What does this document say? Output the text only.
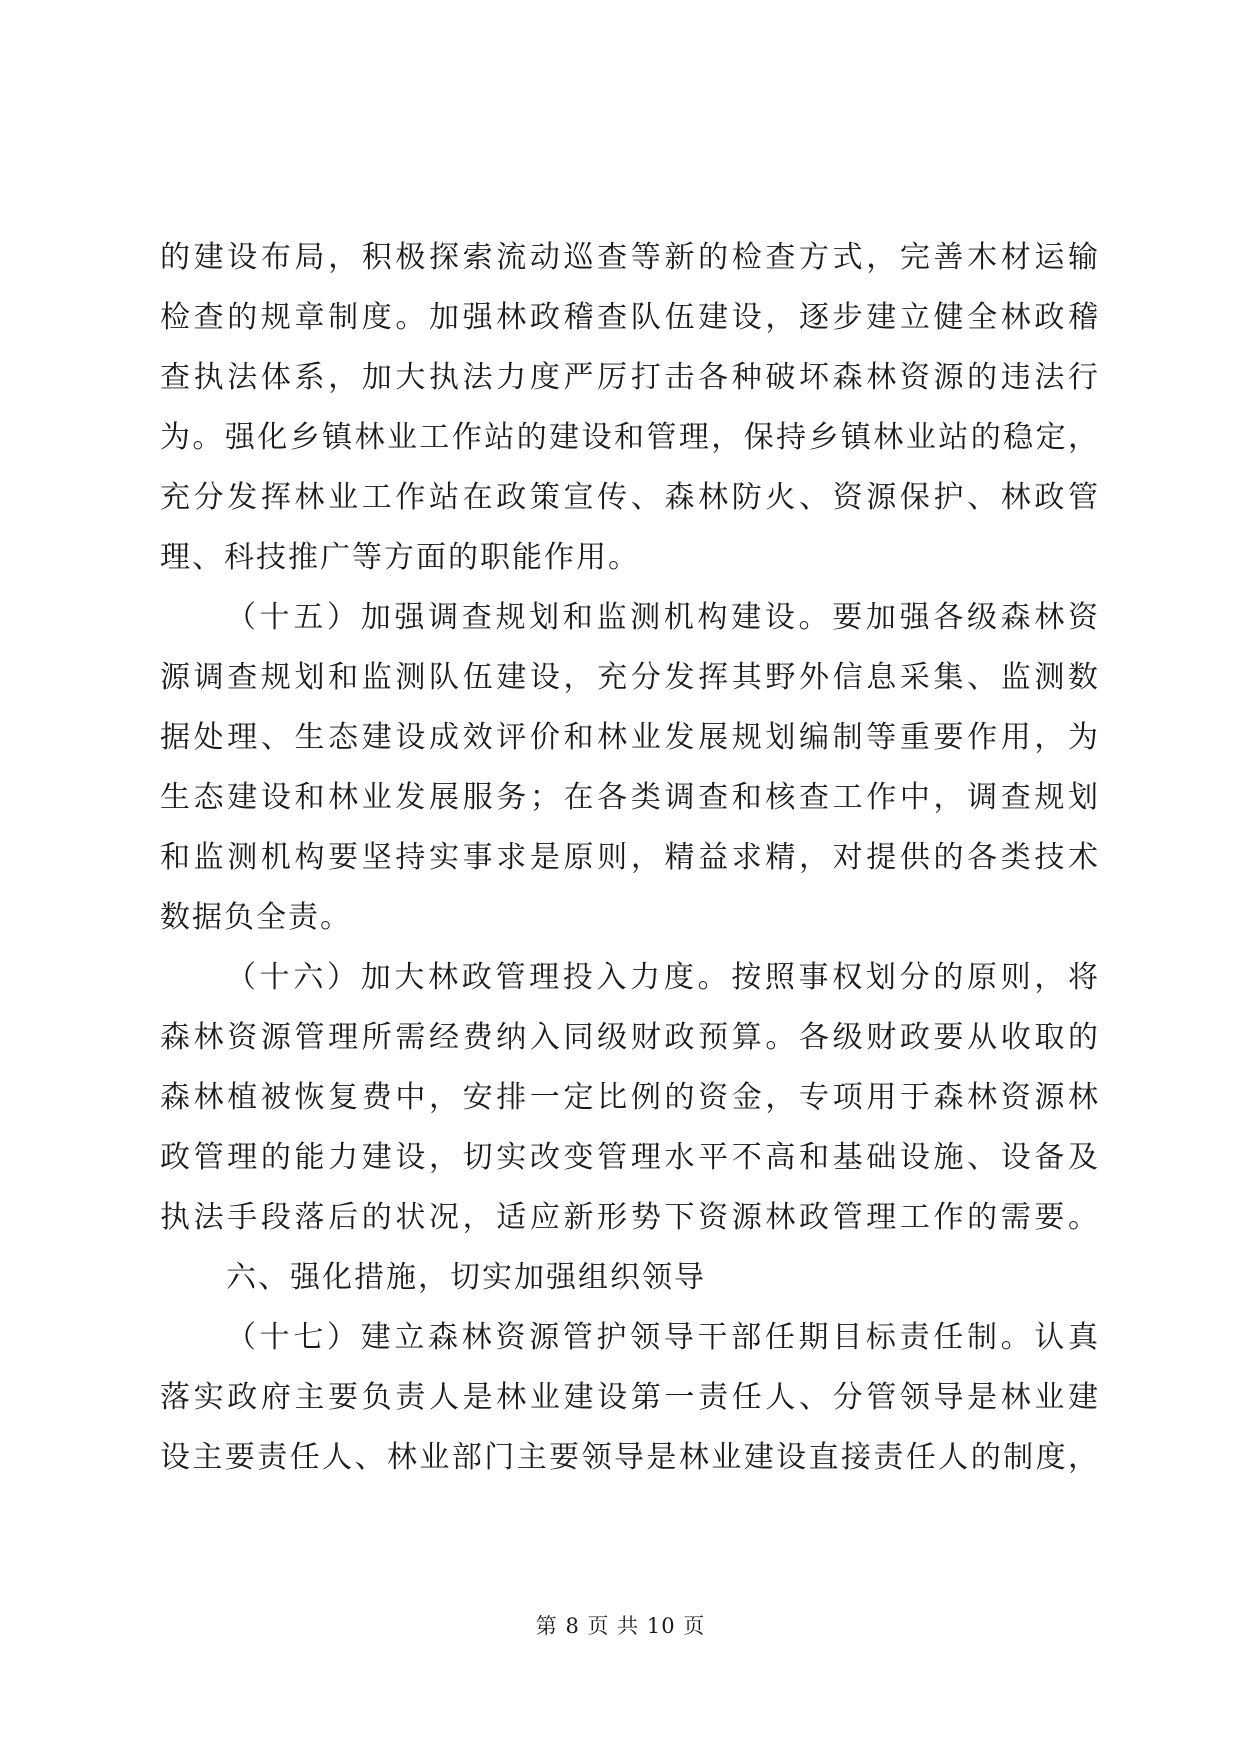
的建设布局，积极探索流动巡查等新的检查方式，完善木材运输
检查的规章制度。加强林政稽查队伍建设，逐步建立健全林政稽
查执法体系，加大执法力度严厉打击各种破坏森林资源的违法行
为。强化乡镇林业工作站的建设和管理，保持乡镇林业站的稳定，
充分发挥林业工作站在政策宣传、森林防火、资源保护、林政管
理、科技推广等方面的职能作用。
（十五）加强调查规划和监测机构建设。要加强各级森林资
源调查规划和监测队伍建设，充分发挥其野外信息采集、监测数
据处理、生态建设成效评价和林业发展规划编制等重要作用，为
生态建设和林业发展服务；在各类调查和核查工作中，调查规划
和监测机构要坚持实事求是原则，精益求精，对提供的各类技术
数据负全责。
（十六）加大林政管理投入力度。按照事权划分的原则，将
森林资源管理所需经费纳入同级财政预算。各级财政要从收取的
森林植被恢复费中，安排一定比例的资金，专项用于森林资源林
政管理的能力建设，切实改变管理水平不高和基础设施、设备及
执法手段落后的状况，适应新形势下资源林政管理工作的需要。
六、强化措施，切实加强组织领导
（十七）建立森林资源管护领导干部任期目标责任制。认真
落实政府主要负责人是林业建设第一责任人、分管领导是林业建
设主要责任人、林业部门主要领导是林业建设直接责任人的制度，
第 8 页 共 10 页
